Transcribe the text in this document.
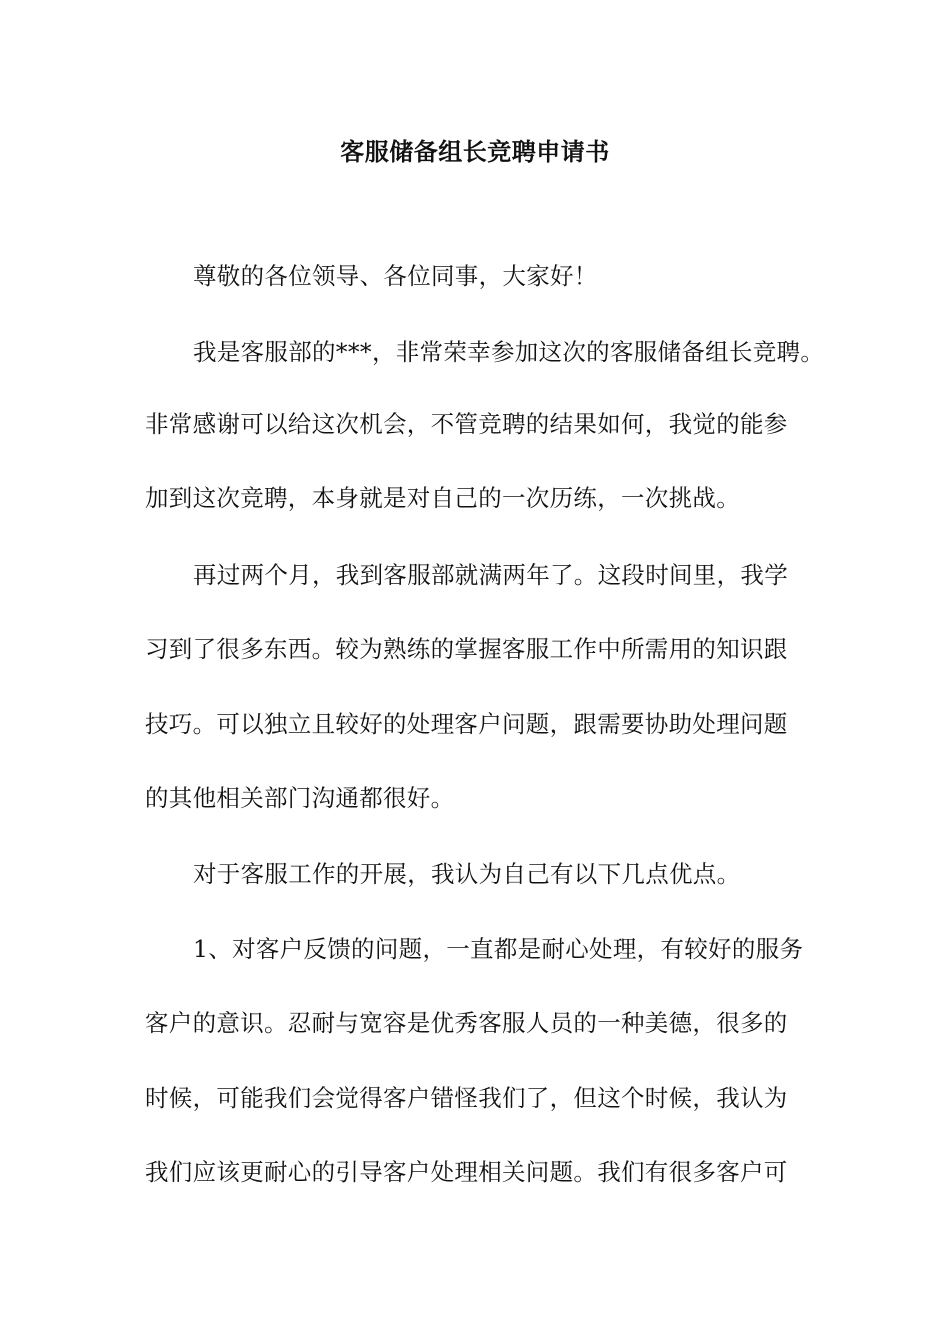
客服储备组长竞聘申请书
尊敬的各位领导、各位同事，大家好！
我是客服部的***，非常荣幸参加这次的客服储备组长竞聘。
非常感谢可以给这次机会，不管竞聘的结果如何，我觉的能参
加到这次竞聘，本身就是对自己的一次历练，一次挑战。
再过两个月，我到客服部就满两年了。这段时间里，我学
习到了很多东西。较为熟练的掌握客服工作中所需用的知识跟
技巧。可以独立且较好的处理客户问题，跟需要协助处理问题
的其他相关部门沟通都很好。
对于客服工作的开展，我认为自己有以下几点优点。
1、对客户反馈的问题，一直都是耐心处理，有较好的服务
客户的意识。忍耐与宽容是优秀客服人员的一种美德，很多的
时候，可能我们会觉得客户错怪我们了，但这个时候，我认为
我们应该更耐心的引导客户处理相关问题。我们有很多客户可
